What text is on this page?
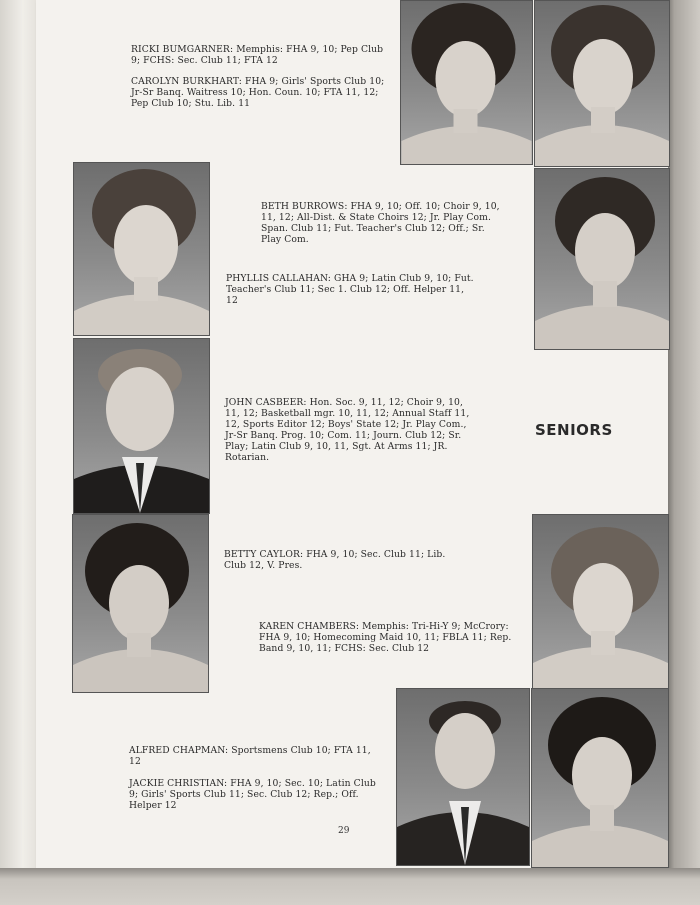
RICKI BUMGARNER: Memphis: FHA 9, 10; Pep Club 9; FCHS: Sec. Club 11; FTA 12
CAROLYN BURKHART: FHA 9; Girls' Sports Club 10; Jr-Sr Banq. Waitress 10; Hon. Coun. 10; FTA 11, 12; Pep Club 10; Stu. Lib. 11
BETH BURROWS: FHA 9, 10; Off. 10; Choir 9, 10, 11, 12; All-Dist. & State Choirs 12; Jr. Play Com. Span. Club 11; Fut. Teacher's Club 12; Off.; Sr. Play Com.
PHYLLIS CALLAHAN: GHA 9; Latin Club 9, 10; Fut. Teacher's Club 11; Sec 1. Club 12; Off. Helper 11, 12
JOHN CASBEER: Hon. Soc. 9, 11, 12; Choir 9, 10, 11, 12; Basketball mgr. 10, 11, 12; Annual Staff 11, 12, Sports Editor 12; Boys' State 12; Jr. Play Com., Jr-Sr Banq. Prog. 10; Com. 11; Journ. Club 12; Sr. Play; Latin Club 9, 10, 11, Sgt. At Arms 11; JR. Rotarian.
BETTY CAYLOR: FHA 9, 10; Sec. Club 11; Lib. Club 12, V. Pres.
KAREN CHAMBERS: Memphis: Tri-Hi-Y 9; McCrory: FHA 9, 10; Homecoming Maid 10, 11; FBLA 11; Rep. Band 9, 10, 11; FCHS: Sec. Club 12
ALFRED CHAPMAN: Sportsmens Club 10; FTA 11, 12
JACKIE CHRISTIAN: FHA 9, 10; Sec. 10; Latin Club 9; Girls' Sports Club 11; Sec. Club 12; Rep.; Off. Helper 12
SENIORS
29
